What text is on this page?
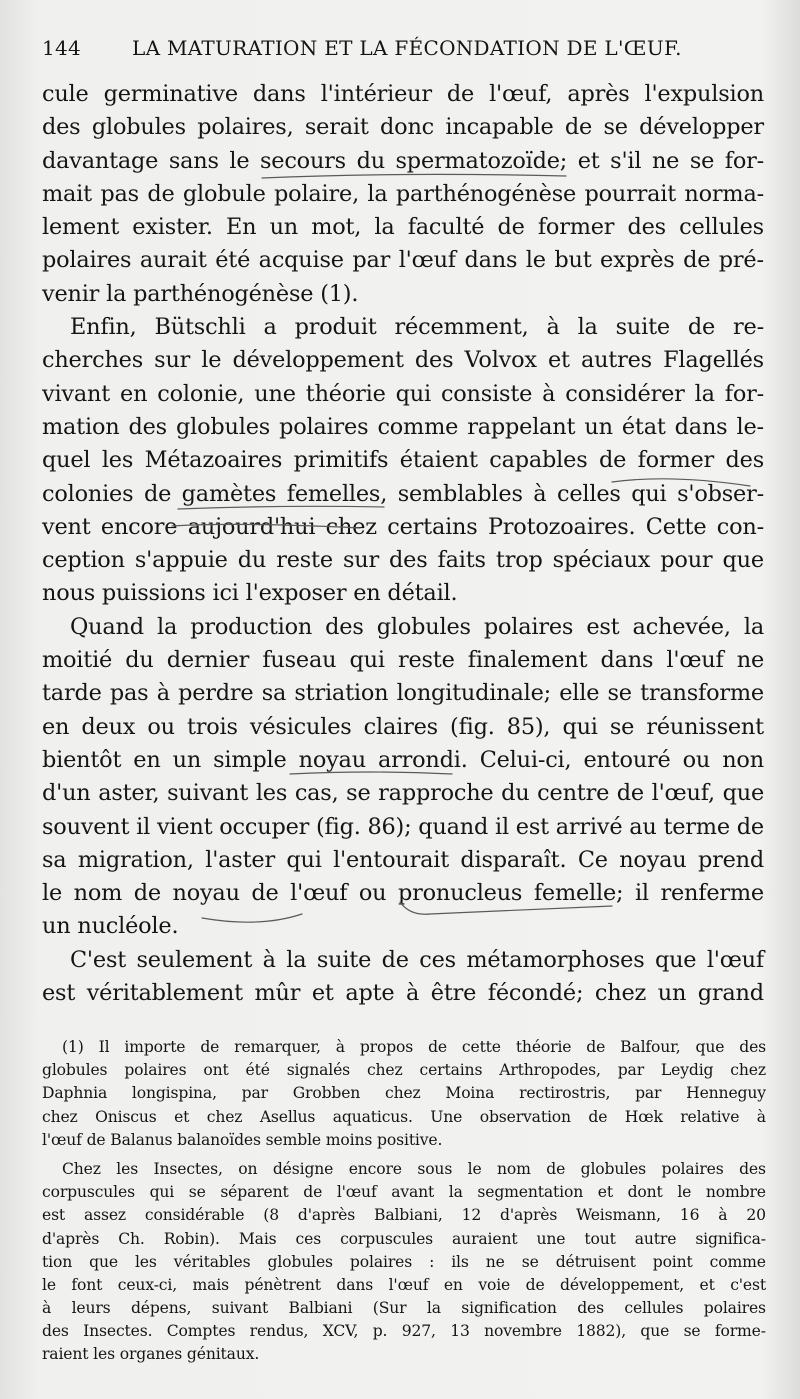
144	LA MATURATION ET LA FÉCONDATION DE L'ŒUF.
cule germinative dans l'intérieur de l'œuf, après l'expulsion
des globules polaires, serait donc incapable de se développer
davantage sans le secours du spermatozoïde; et s'il ne se for-
mait pas de globule polaire, la parthénogénèse pourrait norma-
lement exister. En un mot, la faculté de former des cellules
polaires aurait été acquise par l'œuf dans le but exprès de pré-
venir la parthénogénèse (1).
Enfin, Bütschli a produit récemment, à la suite de re-
cherches sur le développement des Volvox et autres Flagellés
vivant en colonie, une théorie qui consiste à considérer la for-
mation des globules polaires comme rappelant un état dans le-
quel les Métazoaires primitifs étaient capables de former des
colonies de gamètes femelles, semblables à celles qui s'obser-
vent encore aujourd'hui chez certains Protozoaires. Cette con-
ception s'appuie du reste sur des faits trop spéciaux pour que
nous puissions ici l'exposer en détail.
Quand la production des globules polaires est achevée, la
moitié du dernier fuseau qui reste finalement dans l'œuf ne
tarde pas à perdre sa striation longitudinale; elle se transforme
en deux ou trois vésicules claires (fig. 85), qui se réunissent
bientôt en un simple noyau arrondi. Celui-ci, entouré ou non
d'un aster, suivant les cas, se rapproche du centre de l'œuf, que
souvent il vient occuper (fig. 86); quand il est arrivé au terme de
sa migration, l'aster qui l'entourait disparaît. Ce noyau prend
le nom de noyau de l'œuf ou pronucleus femelle; il renferme
un nucléole.
C'est seulement à la suite de ces métamorphoses que l'œuf
est véritablement mûr et apte à être fécondé; chez un grand
(1) Il importe de remarquer, à propos de cette théorie de Balfour, que des
globules polaires ont été signalés chez certains Arthropodes, par Leydig chez
Daphnia longispina, par Grobben chez Moina rectirostris, par Henneguy
chez Oniscus et chez Asellus aquaticus. Une observation de Hœk relative à
l'œuf de Balanus balanoïdes semble moins positive.
Chez les Insectes, on désigne encore sous le nom de globules polaires des
corpuscules qui se séparent de l'œuf avant la segmentation et dont le nombre
est assez considérable (8 d'après Balbiani, 12 d'après Weismann, 16 à 20
d'après Ch. Robin). Mais ces corpuscules auraient une tout autre significa-
tion que les véritables globules polaires : ils ne se détruisent point comme
le font ceux-ci, mais pénètrent dans l'œuf en voie de développement, et c'est
à leurs dépens, suivant Balbiani (Sur la signification des cellules polaires
des Insectes. Comptes rendus, XCV, p. 927, 13 novembre 1882), que se forme-
raient les organes génitaux.
